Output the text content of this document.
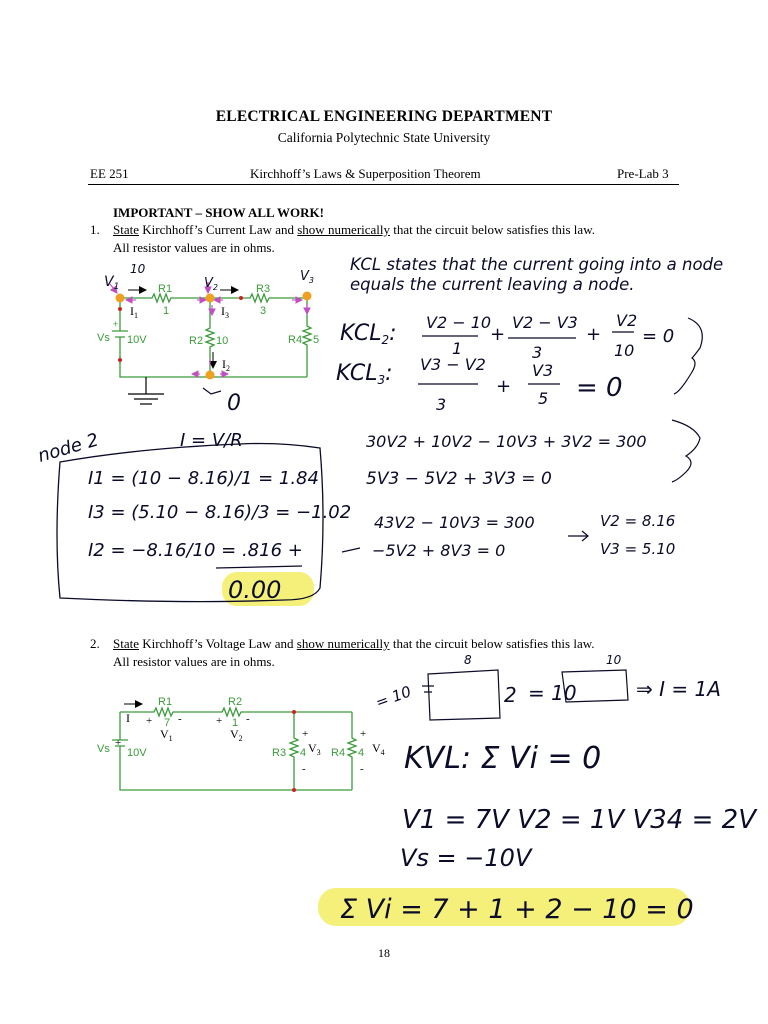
ELECTRICAL ENGINEERING DEPARTMENT
California Polytechnic State University
EE 251	Kirchhoff’s Laws & Superposition Theorem	Pre-Lab 3
IMPORTANT – SHOW ALL WORK!
1. State Kirchhoff’s Current Law and show numerically that the circuit below satisfies this law.
All resistor values are in ohms.
2. State Kirchhoff’s Voltage Law and show numerically that the circuit below satisfies this law.
All resistor values are in ohms.
18
R1
1
R3
3
R2 10	R4 5
Vs 10V
+
$I_1$	$I_3$
$I_2$
$V_1$
10
$V_2$
$V_3$
0
KCL states that the current going into a node
equals the current leaving a node.
KCL2: V2 − 10
1
+
V2 − V3
3
+
V2
10
= 0
KCL3: V3 − V2
3
+
V3
5 = 0
30V2 + 10V2 − 10V3 + 3V2 = 300
5V3 − 5V2 + 3V3 = 0
43V2 − 10V3 = 300
−5V2 + 8V3 = 0
V2 = 8.16
V3 = 5.10
node 2	I = V/R
I1 = (10 − 8.16)/1 = 1.84
I3 = (5.10 − 8.16)/3 = −1.02
I2 = −8.16/10 = .816 +
0.00
R1
7
R2
1
R3 4 R4 4
Vs 10V
+
+ -	+ -
+
-
+
-
I
$V_1$	$V_2$
$V_3$	$V_4$
= 10
8
2 = 10
10
⇒ I = 1A
KVL: Σ Vi = 0
V1 = 7V V2 = 1V V34 = 2V
Vs = −10V
Σ Vi = 7 + 1 + 2 − 10 = 0
